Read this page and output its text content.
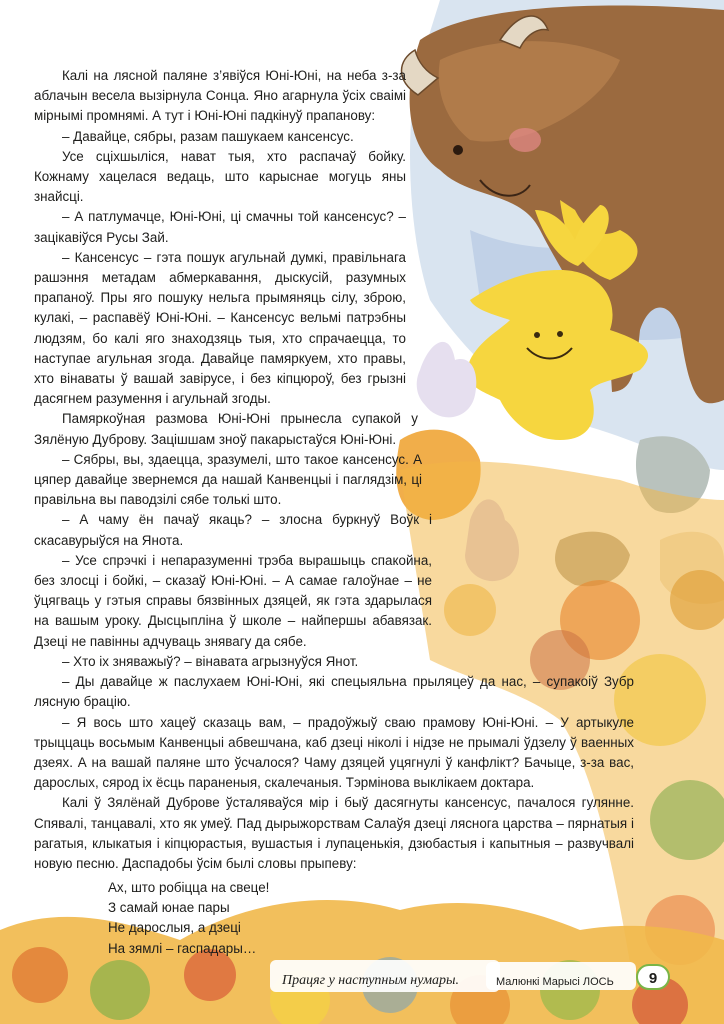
Калі на лясной паляне з’явіўся Юні-Юні, на неба з-за аблачын весела вызірнула Сонца. Яно агарнула ўсіх сваімі мірнымі промнямі. А тут і Юні-Юні падкінуў прапанову:

– Давайце, сябры, разам пашукаем кансенсус.

Усе сціхшыліся, нават тыя, хто распачаў бойку. Кожнаму хацелася ведаць, што карыснае могуць яны знайсці.

– А патлумачце, Юні-Юні, ці смачны той кансенсус? – зацікавіўся Русы Зай.

– Кансенсус – гэта пошук агульнай думкі, правільнага рашэння метадам абмеркавання, дыскусій, разумных прапаноў. Пры яго пошуку нельга прымяняць сілу, зброю, кулакі, – распавёў Юні-Юні. – Кансенсус вельмі патрэбны людзям, бо калі яго знаходзяць тыя, хто спрачаецца, то наступае агульная згода. Давайце памяркуем, хто правы, хто вінаваты ў вашай завірусе, і без кіпцюроў, без грызні дасягнем разумення і агульнай згоды.

Памяркоўная размова Юні-Юні прынесла супакой у Зялёную Дуброву. Зацішшам зноў пакарыстаўся Юні-Юні.

– Сябры, вы, здаецца, зразумелі, што такое кансенсус. А цяпер давайце звернемся да нашай Канвенцыі і паглядзім, ці правільна вы паводзілі сябе толькі што.

– А чаму ён пачаў якаць? – злосна буркнуў Воўк і скасавурыўся на Янота.

– Усе спрэчкі і непаразуменні трэба вырашыць спакойна, без злосці і бойкі, – сказаў Юні-Юні. – А самае галоўнае – не ўцягваць у гэтыя справы бязвінных дзяцей, як гэта здарылася на вашым уроку. Дысцыпліна ў школе – найпершы абавязак. Дзеці не павінны адчуваць знявагу да сябе.

– Хто іх зняважыў? – вінавата агрызнуўся Янот.

– Ды давайце ж паслухаем Юні-Юні, які спецыяльна прыляцеў да нас, – супакоіў Зубр лясную брацію.

– Я вось што хацеў сказаць вам, – прадоўжыў сваю прамову Юні-Юні. – У артыкуле трыццаць восьмым Канвенцыі абвешчана, каб дзеці ніколі і нідзе не прымалі ўдзелу ў ваенных дзеях. А на вашай паляне што ўсчалося? Чаму дзяцей уцягнулі ў канфлікт? Бачыце, з-за вас, дарослых, сярод іх ёсць параненыя, скалечаныя. Тэрмінова выклікаем доктара.

Калі ў Зялёнай Дуброве ўсталяваўся мір і быў дасягнуты кансенсус, пачалося гулянне. Спявалі, танцавалі, хто як умеў. Пад дырыжорствам Салаўя дзеці ляснога царства – пярнатыя і рагатыя, клыкатыя і кіпцюрастыя, вушастыя і лупаценькія, дзюбастыя і капытныя – развучвалі новую песню. Даспадобы ўсім былі словы прыпеву:

Ах, што робіцца на свеце!
З самай юнае пары
Не дарослыя, а дзеці
На зямлі – гаспадары…
Працяг у наступным нумары.	Малюнкі Марысі ЛОСЬ	9
